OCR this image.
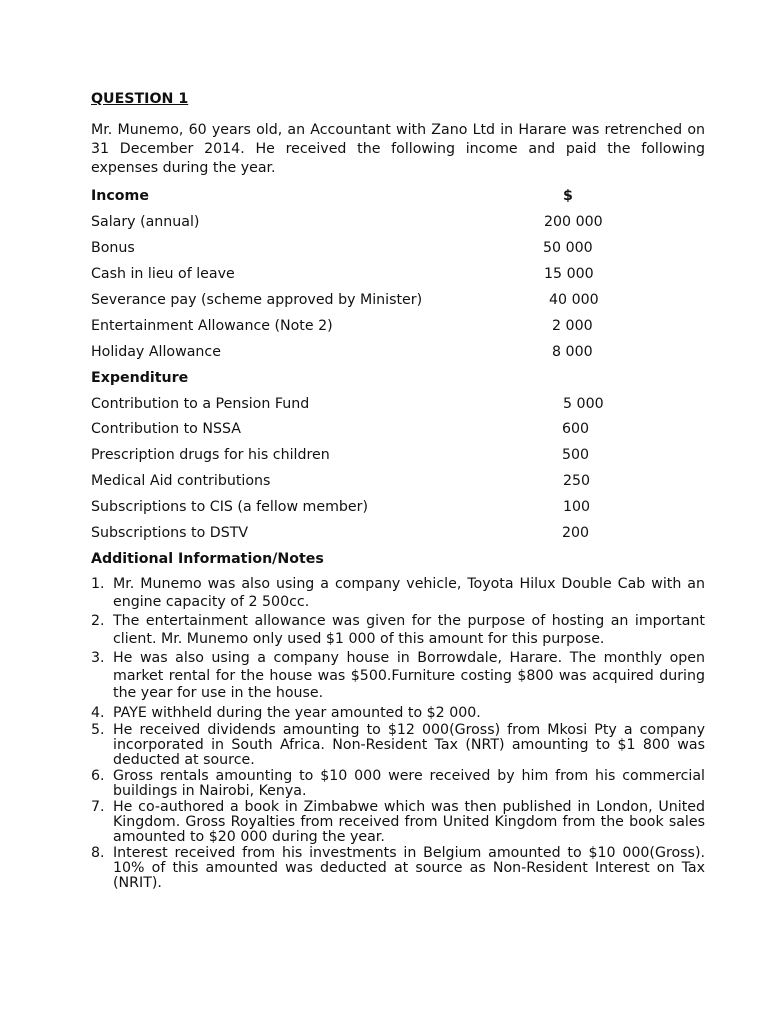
QUESTION 1
Mr. Munemo, 60 years old, an Accountant with Zano Ltd in Harare was retrenched on 31 December 2014. He received the following income and paid the following expenses during the year.
Income	$
Salary (annual)	200 000
Bonus	50 000
Cash in lieu of leave	15 000
Severance pay (scheme approved by Minister)	40 000
Entertainment Allowance (Note 2)	2 000
Holiday Allowance	8 000
Expenditure
Contribution to a Pension Fund	5 000
Contribution to NSSA	600
Prescription drugs for his children	500
Medical Aid contributions	250
Subscriptions to CIS (a fellow member)	100
Subscriptions to DSTV	200
Additional Information/Notes
1. Mr. Munemo was also using a company vehicle, Toyota Hilux Double Cab with an engine capacity of 2 500cc.
2. The entertainment allowance was given for the purpose of hosting an important client. Mr. Munemo only used $1 000 of this amount for this purpose.
3. He was also using a company house in Borrowdale, Harare. The monthly open market rental for the house was $500.Furniture costing $800 was acquired during the year for use in the house.
4. PAYE withheld during the year amounted to $2 000.
5. He received dividends amounting to $12 000(Gross) from Mkosi Pty a company incorporated in South Africa. Non-Resident Tax (NRT) amounting to $1 800 was deducted at source.
6. Gross rentals amounting to $10 000 were received by him from his commercial buildings in Nairobi, Kenya.
7. He co-authored a book in Zimbabwe which was then published in London, United Kingdom. Gross Royalties from received from United Kingdom from the book sales amounted to $20 000 during the year.
8. Interest received from his investments in Belgium amounted to $10 000(Gross). 10% of this amounted was deducted at source as Non-Resident Interest on Tax (NRIT).
